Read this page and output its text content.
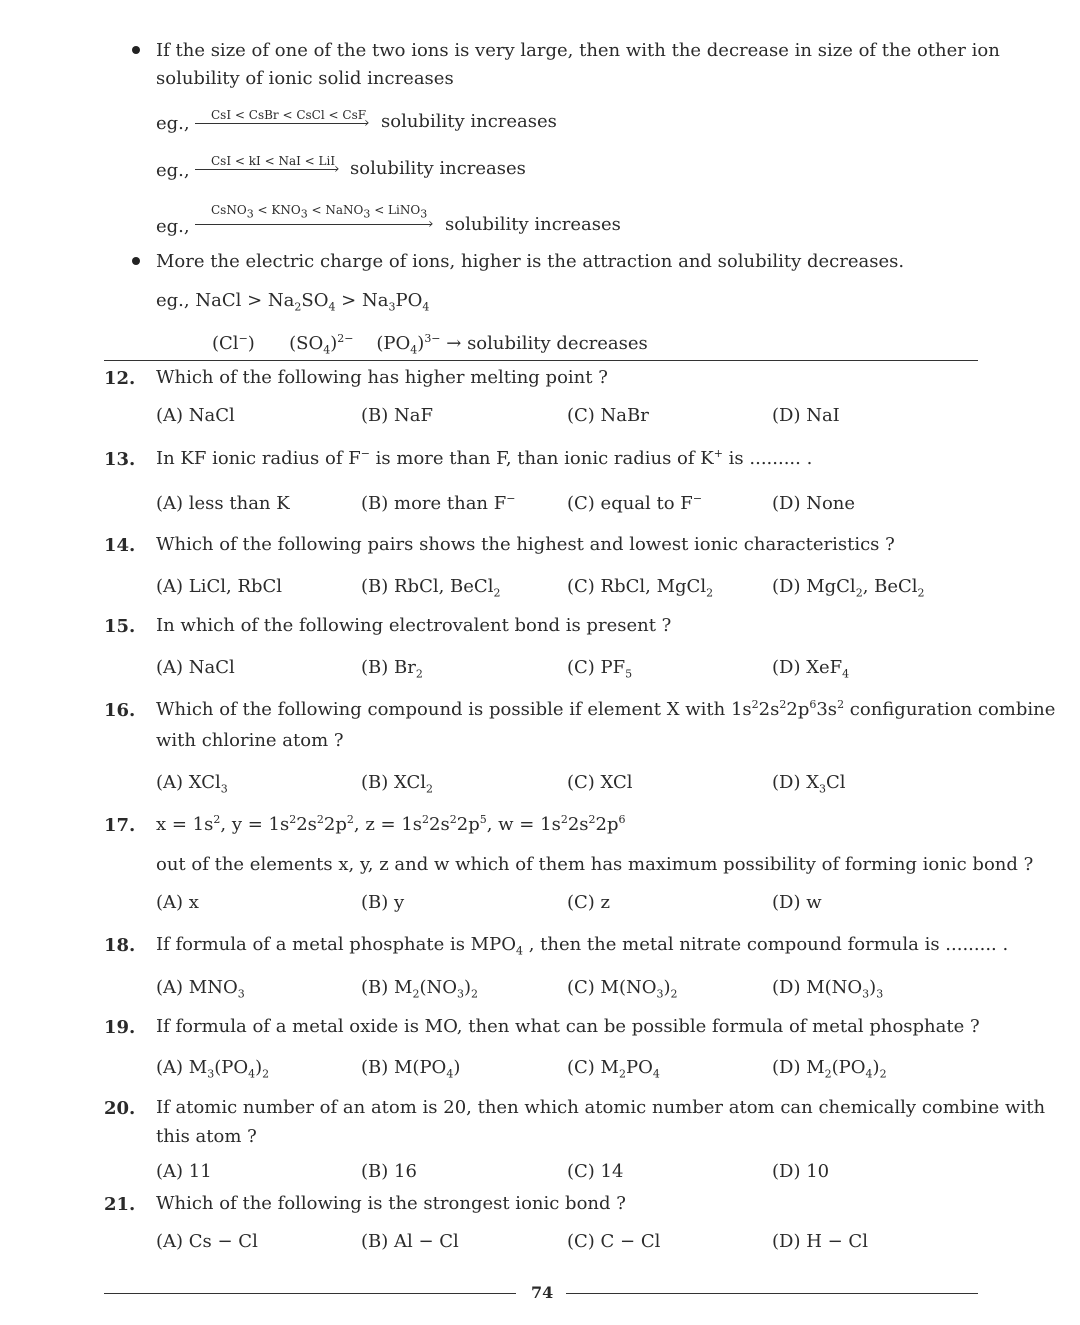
If the size of one of the two ions is very large, then with the decrease in size of the other ion
solubility of ionic solid increases
eg., CsI < CsBr < CsCl < CsF
› solubility increases
eg., CsI < kI < NaI < LiI
› solubility increases
eg.,
CsNO$_3$ < $KNO_3$ < NaNO$_3$ < LiNO$_3$
› solubility increases
More the electric charge of ions, higher is the attraction and solubility decreases.
eg., NaCl > $Na_2SO_4 > Na_3PO_4$
(Cl−)      $(SO_4)^{2-}$    $(PO_4)^{3-}$ → solubility decreases
12. Which of the following has higher melting point ?
(A) NaCl	(B) NaF	(C) NaBr	(D) NaI
13. In KF ionic radius of F− is more than F, than ionic radius of K+ is ......... .
(A) less than K	(B) more than F−	(C) equal to F−	(D) None
14. Which of the following pairs shows the highest and lowest ionic characteristics ?
(A) LiCl, RbCl	(B) RbCl, BeCl$_2$	(C) RbCl, MgCl$_2$	(D) MgCl$_2$, BeCl$_2$
15. In which of the following electrovalent bond is present ?
(A) NaCl	(B) $Br_2$	(C) $PF_5$	(D) XeF$_4$
16. Which of the following compound is possible if element X with $1s^22s^22p^63s^2$ configuration combine
with chlorine atom ?
(A) XCl$_3$	(B) XCl$_2$	(C) XCl	(D) $X_3Cl$
17. $x = 1s^2$, $y = 1s^22s^22p^2$, $z = 1s^22s^22p^5$, $w = 1s^22s^22p^6$
out of the elements x, y, z and w which of them has maximum possibility of forming ionic bond ?
(A) x	(B) y	(C) z	(D) w
18. If formula of a metal phosphate is $MPO_4$ , then the metal nitrate compound formula is ......... .
(A) $MNO_3$	(B) $M_2(NO_3)_2$	(C) $M(NO_3)_2$	(D) $M(NO_3)_3$
19. If formula of a metal oxide is MO, then what can be possible formula of metal phosphate ?
(A) $M_3(PO_4)_2$	(B) $M(PO_4)$	(C) $M_2PO_4$	(D) $M_2(PO_4)_2$
20. If atomic number of an atom is 20, then which atomic number atom can chemically combine with
this atom ?
(A) 11	(B) 16	(C) 14	(D) 10
21. Which of the following is the strongest ionic bond ?
(A) Cs − Cl	(B) Al − Cl	(C) C − Cl	(D) H − Cl
74
